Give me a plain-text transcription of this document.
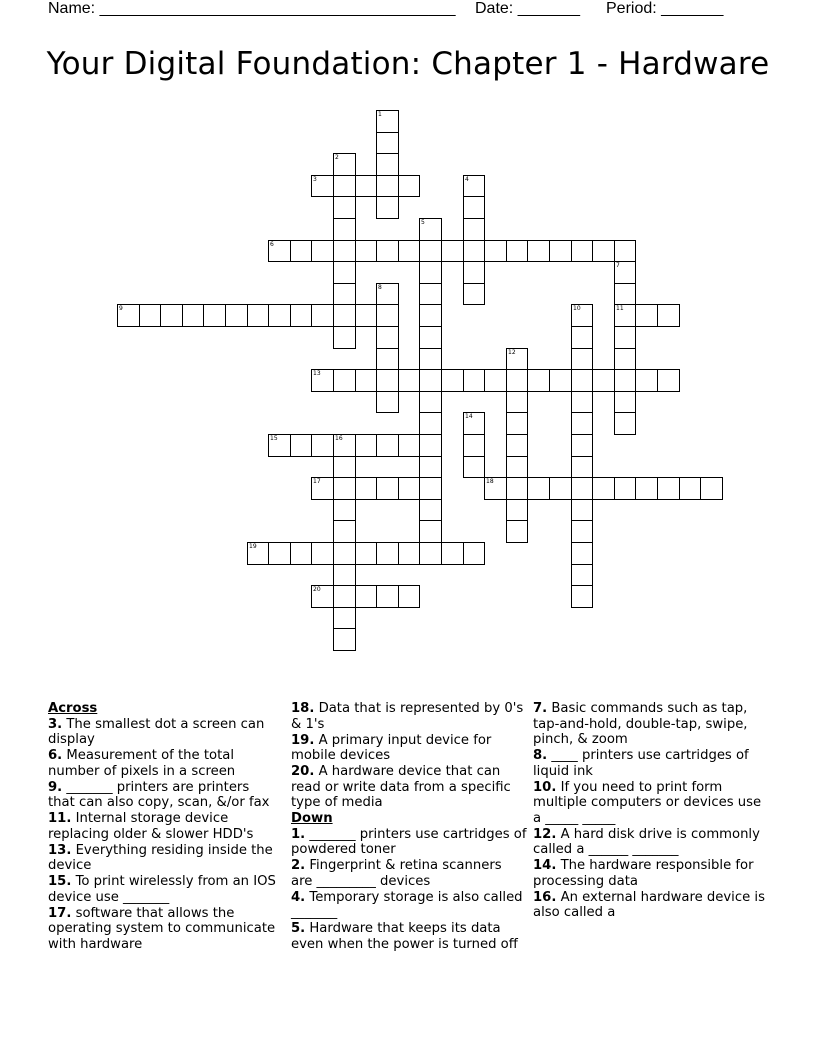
Name: ________________________________________ Date: _______ Period: _______
Your Digital Foundation: Chapter 1 - Hardware
1
2
3	4
5
6
7
11
8
9	10
12
13
14
15	16
17	18
19
20
Across
3. The smallest dot a screen can display
6. Measurement of the total number of pixels in a screen
9. _______ printers are printers that can also copy, scan, &/or fax
11. Internal storage device replacing older & slower HDD's
13. Everything residing inside the device
15. To print wirelessly from an IOS device use _______
17. software that allows the operating system to communicate with hardware
18. Data that is represented by 0's & 1's
19. A primary input device for mobile devices
20. A hardware device that can read or write data from a specific type of media
Down
1. _______ printers use cartridges of powdered toner
2. Fingerprint & retina scanners are _________ devices
4. Temporary storage is also called _______
5. Hardware that keeps its data even when the power is turned off
7. Basic commands such as tap, tap-and-hold, double-tap, swipe, pinch, & zoom
8. ____ printers use cartridges of liquid ink
10. If you need to print form multiple computers or devices use a _____ _____
12. A hard disk drive is commonly called a ______ _______
14. The hardware responsible for processing data
16. An external hardware device is also called a
